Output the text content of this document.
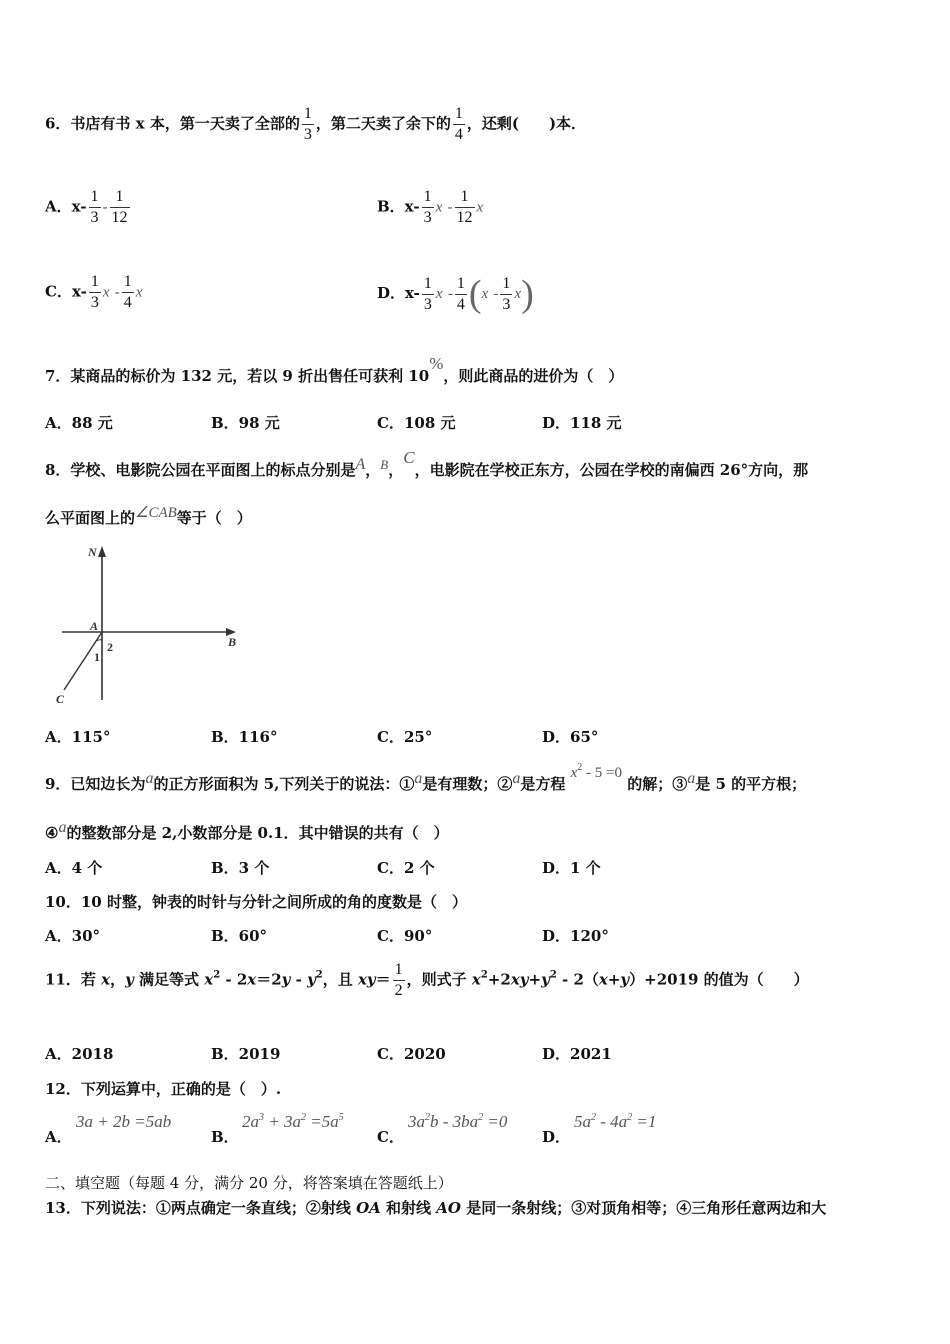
6．书店有书 x 本，第一天卖了全部的 $\frac{1}{3}$ ，第二天卖了余下的 $\frac{1}{4}$ ，还剩(　　)本．
A．$x- \frac{1}{3} - \frac{1}{12}$	B．$x- \frac{1}{3}$ x - $\frac{1}{12}$ x
C．$x- \frac{1}{3}$ x - $\frac{1}{4}$ x	D．$x- \frac{1}{3}$ x - $\frac{1}{4} (x - \frac{1}{3} x)$
7．某商品的标价为 132 元，若以 9 折出售任可获利 10%，则此商品的进价为（　）
A．88 元	B．98 元	C．108 元	D．118 元
8．学校、电影院公园在平面图上的标点分别是A，B，C，电影院在学校正东方，公园在学校的南偏西 26°方向，那
么平面图上的∠CAB等于（　）
N
A
B
C
1
2
A．115°	B．116°	C．25°	D．65°
9．已知边长为a的正方形面积为 5,下列关于的说法：①a是有理数；②a是方程 $x^2 - 5 =0$ 的解；③a是 5 的平方根；
④a的整数部分是 2,小数部分是 0.1．其中错误的共有（　）
A．4 个	B．3 个	C．2 个	D．1 个
10．10 时整，钟表的时针与分针之间所成的角的度数是（　）
A．30°	B．60°	C．90°	D．120°
11．若 x，y 满足等式 $x^2 - 2x=2y - y^2$，且 $xy= \frac{1}{2}$ ，则式子 $x^2+2xy+y^2 - 2(x+y)+2019$ 的值为（　　）
A．2018	B．2019	C．2020	D．2021
12．下列运算中，正确的是（　）.
A．
3a + 2b =5ab
B．
$2a^3 + 3a^2 =5a^5$
C．
$3a^2b - 3ba^2 =0$
D．
$5a^2 - 4a^2 =1$
二、填空题（每题 4 分，满分 20 分，将答案填在答题纸上）
13．下列说法：①两点确定一条直线；②射线 OA 和射线 AO 是同一条射线；③对顶角相等；④三角形任意两边和大
